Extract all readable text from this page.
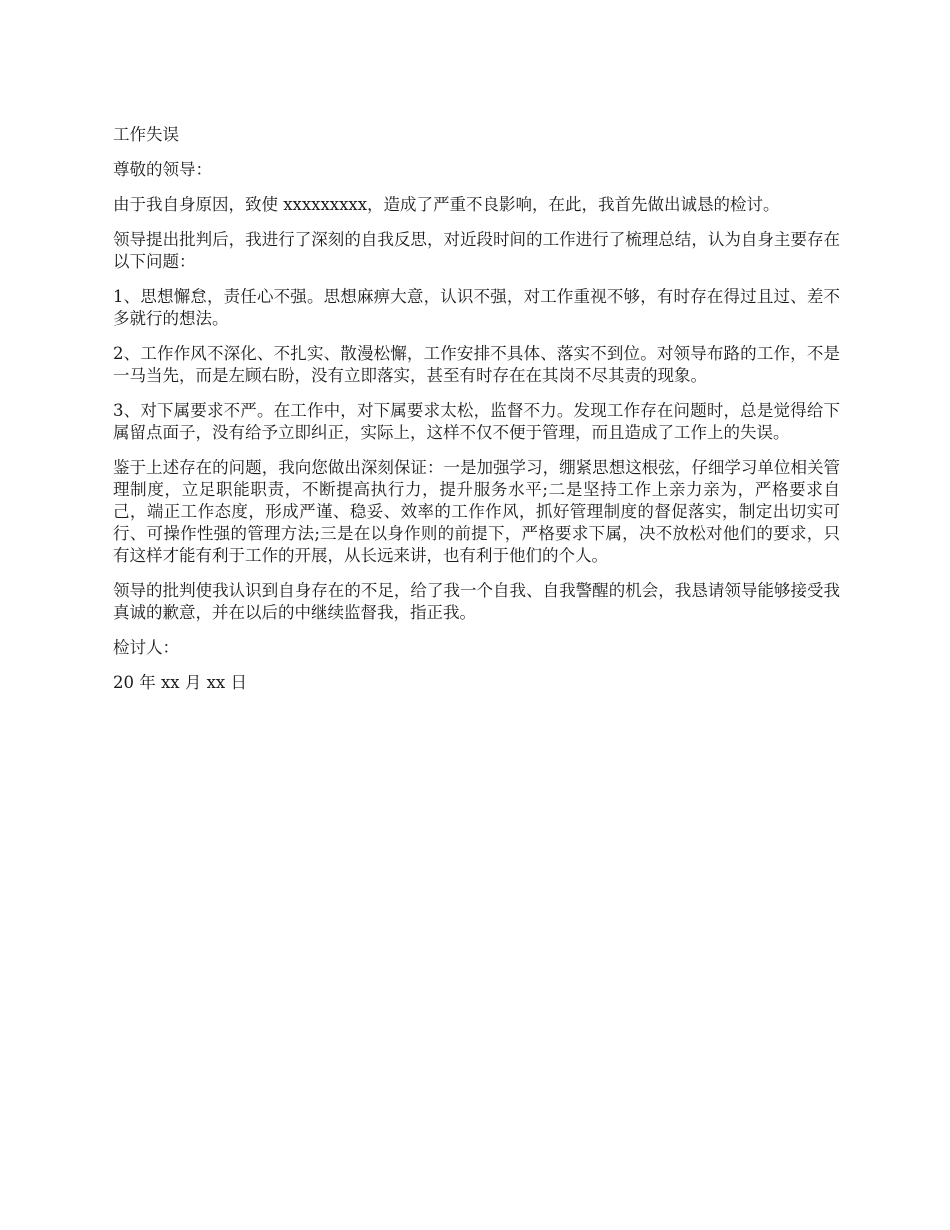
工作失误

尊敬的领导：

由于我自身原因，致使 xxxxxxxxx，造成了严重不良影响，在此，我首先做出诚恳的检讨。

领导提出批判后，我进行了深刻的自我反思，对近段时间的工作进行了梳理总结，认为自身主要存在以下问题：

1、思想懈怠，责任心不强。思想麻痹大意，认识不强，对工作重视不够，有时存在得过且过、差不多就行的想法。

2、工作作风不深化、不扎实、散漫松懈，工作安排不具体、落实不到位。对领导布路的工作，不是一马当先，而是左顾右盼，没有立即落实，甚至有时存在在其岗不尽其责的现象。

3、对下属要求不严。在工作中，对下属要求太松，监督不力。发现工作存在问题时，总是觉得给下属留点面子，没有给予立即纠正，实际上，这样不仅不便于管理，而且造成了工作上的失误。

鉴于上述存在的问题，我向您做出深刻保证：一是加强学习，绷紧思想这根弦，仔细学习单位相关管理制度，立足职能职责，不断提高执行力，提升服务水平;二是坚持工作上亲力亲为，严格要求自己，端正工作态度，形成严谨、稳妥、效率的工作作风，抓好管理制度的督促落实，制定出切实可行、可操作性强的管理方法;三是在以身作则的前提下，严格要求下属，决不放松对他们的要求，只有这样才能有利于工作的开展，从长远来讲，也有利于他们的个人。

领导的批判使我认识到自身存在的不足，给了我一个自我、自我警醒的机会，我恳请领导能够接受我真诚的歉意，并在以后的中继续监督我，指正我。

检讨人：

20 年 xx 月 xx 日
